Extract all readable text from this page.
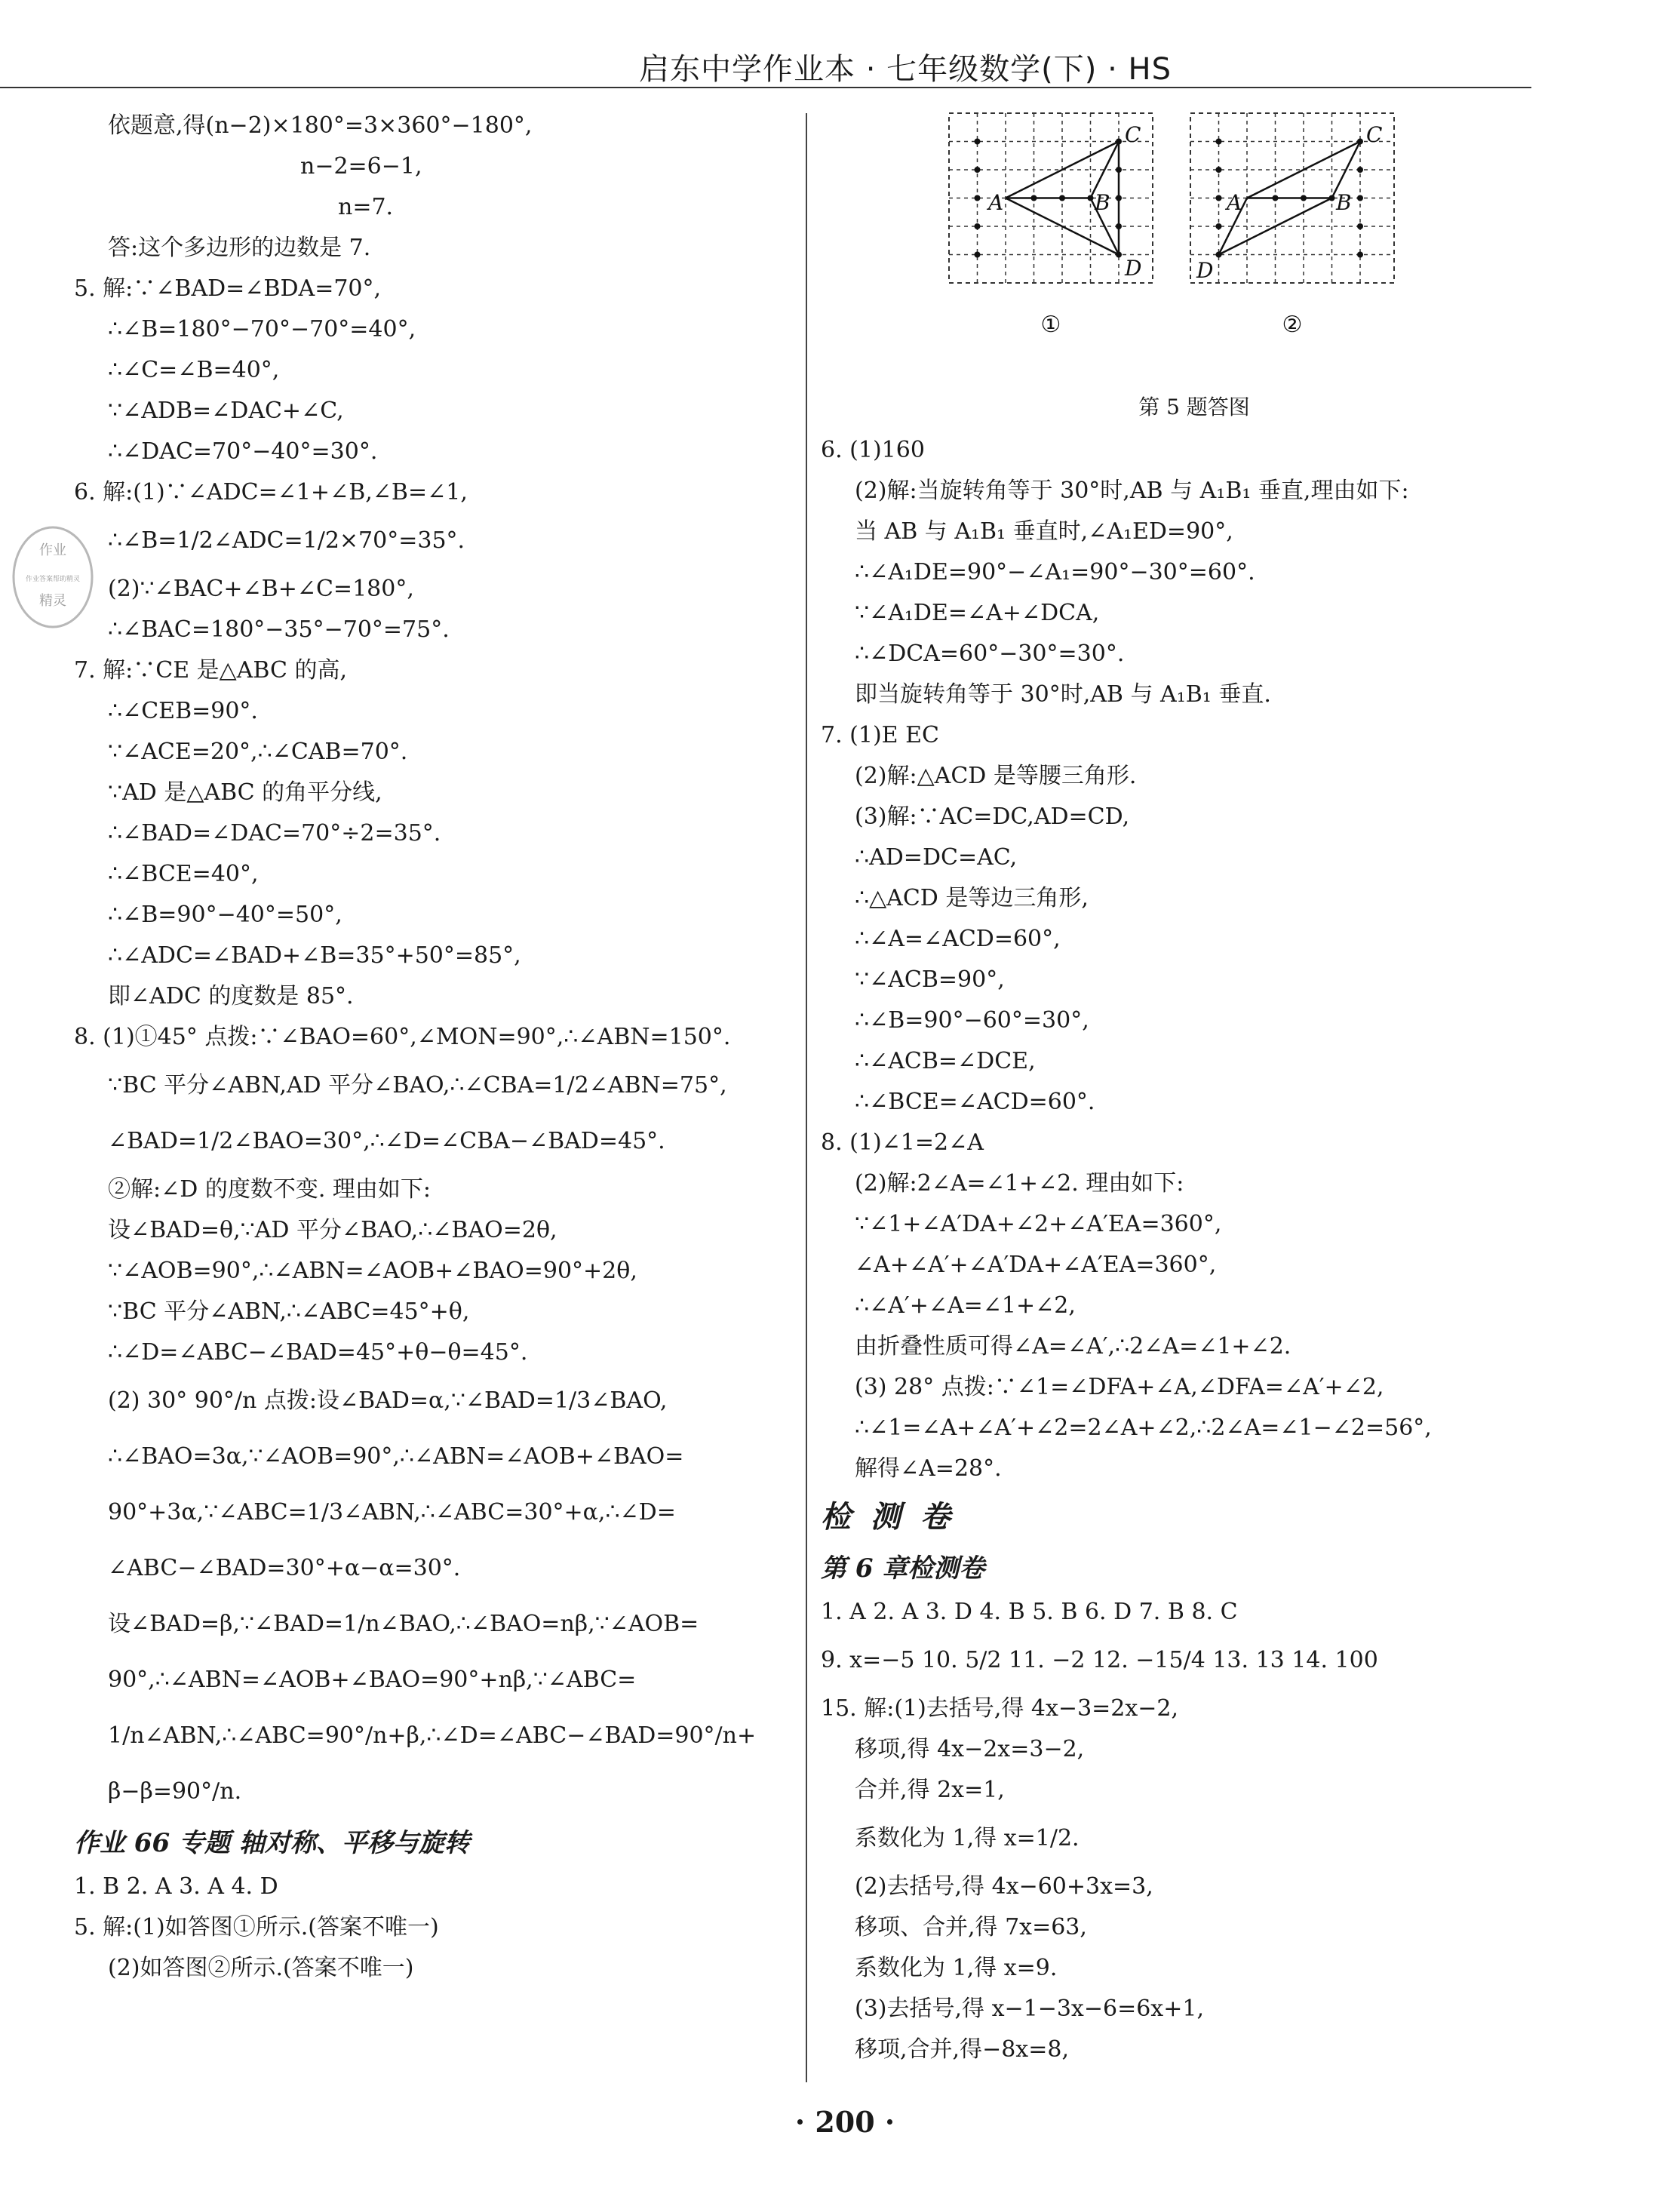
启东中学作业本 · 七年级数学(下) · HS
作业
作业答案帮助精灵
精灵
依题意,得(n−2)×180°=3×360°−180°,
n−2=6−1,
n=7.
答:这个多边形的边数是 7.
5. 解:∵∠BAD=∠BDA=70°,
∴∠B=180°−70°−70°=40°,
∴∠C=∠B=40°,
∵∠ADB=∠DAC+∠C,
∴∠DAC=70°−40°=30°.
6. 解:(1)∵∠ADC=∠1+∠B,∠B=∠1,
∴∠B=1/2∠ADC=1/2×70°=35°.
(2)∵∠BAC+∠B+∠C=180°,
∴∠BAC=180°−35°−70°=75°.
7. 解:∵CE 是△ABC 的高,
∴∠CEB=90°.
∵∠ACE=20°,∴∠CAB=70°.
∵AD 是△ABC 的角平分线,
∴∠BAD=∠DAC=70°÷2=35°.
∴∠BCE=40°,
∴∠B=90°−40°=50°,
∴∠ADC=∠BAD+∠B=35°+50°=85°,
即∠ADC 的度数是 85°.
8. (1)①45° 点拨:∵∠BAO=60°,∠MON=90°,∴∠ABN=150°.
∵BC 平分∠ABN,AD 平分∠BAO,∴∠CBA=1/2∠ABN=75°,
∠BAD=1/2∠BAO=30°,∴∠D=∠CBA−∠BAD=45°.
②解:∠D 的度数不变. 理由如下:
设∠BAD=θ,∵AD 平分∠BAO,∴∠BAO=2θ,
∵∠AOB=90°,∴∠ABN=∠AOB+∠BAO=90°+2θ,
∵BC 平分∠ABN,∴∠ABC=45°+θ,
∴∠D=∠ABC−∠BAD=45°+θ−θ=45°.
(2) 30° 90°/n 点拨:设∠BAD=α,∵∠BAD=1/3∠BAO,
∴∠BAO=3α,∵∠AOB=90°,∴∠ABN=∠AOB+∠BAO=
90°+3α,∵∠ABC=1/3∠ABN,∴∠ABC=30°+α,∴∠D=
∠ABC−∠BAD=30°+α−α=30°.
设∠BAD=β,∵∠BAD=1/n∠BAO,∴∠BAO=nβ,∵∠AOB=
90°,∴∠ABN=∠AOB+∠BAO=90°+nβ,∵∠ABC=
1/n∠ABN,∴∠ABC=90°/n+β,∴∠D=∠ABC−∠BAD=90°/n+
β−β=90°/n.
作业 66 专题 轴对称、平移与旋转
1. B 2. A 3. A 4. D
5. 解:(1)如答图①所示.(答案不唯一)
(2)如答图②所示.(答案不唯一)
A	B
C
D
①
A	B
C
D
②
第 5 题答图
6. (1)160
(2)解:当旋转角等于 30°时,AB 与 A₁B₁ 垂直,理由如下:
当 AB 与 A₁B₁ 垂直时,∠A₁ED=90°,
∴∠A₁DE=90°−∠A₁=90°−30°=60°.
∵∠A₁DE=∠A+∠DCA,
∴∠DCA=60°−30°=30°.
即当旋转角等于 30°时,AB 与 A₁B₁ 垂直.
7. (1)E EC
(2)解:△ACD 是等腰三角形.
(3)解:∵AC=DC,AD=CD,
∴AD=DC=AC,
∴△ACD 是等边三角形,
∴∠A=∠ACD=60°,
∵∠ACB=90°,
∴∠B=90°−60°=30°,
∴∠ACB=∠DCE,
∴∠BCE=∠ACD=60°.
8. (1)∠1=2∠A
(2)解:2∠A=∠1+∠2. 理由如下:
∵∠1+∠A′DA+∠2+∠A′EA=360°,
∠A+∠A′+∠A′DA+∠A′EA=360°,
∴∠A′+∠A=∠1+∠2,
由折叠性质可得∠A=∠A′,∴2∠A=∠1+∠2.
(3) 28° 点拨:∵∠1=∠DFA+∠A,∠DFA=∠A′+∠2,
∴∠1=∠A+∠A′+∠2=2∠A+∠2,∴2∠A=∠1−∠2=56°,
解得∠A=28°.
检 测 卷
第 6 章检测卷
1. A 2. A 3. D 4. B 5. B 6. D 7. B 8. C
9. x=−5 10. 5/2 11. −2 12. −15/4 13. 13 14. 100
15. 解:(1)去括号,得 4x−3=2x−2,
移项,得 4x−2x=3−2,
合并,得 2x=1,
系数化为 1,得 x=1/2.
(2)去括号,得 4x−60+3x=3,
移项、合并,得 7x=63,
系数化为 1,得 x=9.
(3)去括号,得 x−1−3x−6=6x+1,
移项,合并,得−8x=8,
· 200 ·
